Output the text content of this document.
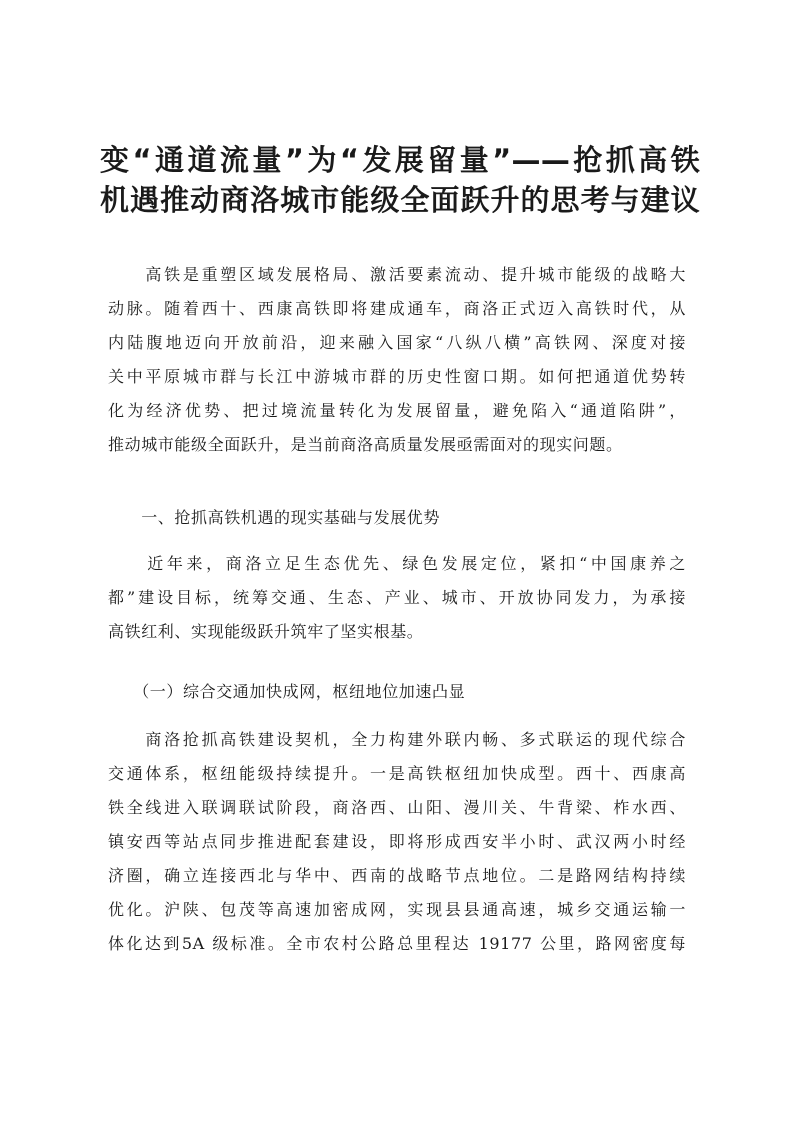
变“通道流量”为“发展留量”——抢抓高铁
机遇推动商洛城市能级全面跃升的思考与建议
　　高铁是重塑区域发展格局、激活要素流动、提升城市能级的战略大
动脉。随着西十、西康高铁即将建成通车，商洛正式迈入高铁时代，从
内陆腹地迈向开放前沿，迎来融入国家“八纵八横”高铁网、深度对接
关中平原城市群与长江中游城市群的历史性窗口期。如何把通道优势转
化为经济优势、把过境流量转化为发展留量，避免陷入“通道陷阱”，
推动城市能级全面跃升，是当前商洛高质量发展亟需面对的现实问题。
　　一、抢抓高铁机遇的现实基础与发展优势
　　近年来，商洛立足生态优先、绿色发展定位，紧扣“中国康养之
都”建设目标，统筹交通、生态、产业、城市、开放协同发力，为承接
高铁红利、实现能级跃升筑牢了坚实根基。
　　（一）综合交通加快成网，枢纽地位加速凸显
　　商洛抢抓高铁建设契机，全力构建外联内畅、多式联运的现代综合
交通体系，枢纽能级持续提升。一是高铁枢纽加快成型。西十、西康高
铁全线进入联调联试阶段，商洛西、山阳、漫川关、牛背梁、柞水西、
镇安西等站点同步推进配套建设，即将形成西安半小时、武汉两小时经
济圈，确立连接西北与华中、西南的战略节点地位。二是路网结构持续
优化。沪陕、包茂等高速加密成网，实现县县通高速，城乡交通运输一
体化达到5A 级标准。全市农村公路总里程达 19177 公里，路网密度每
